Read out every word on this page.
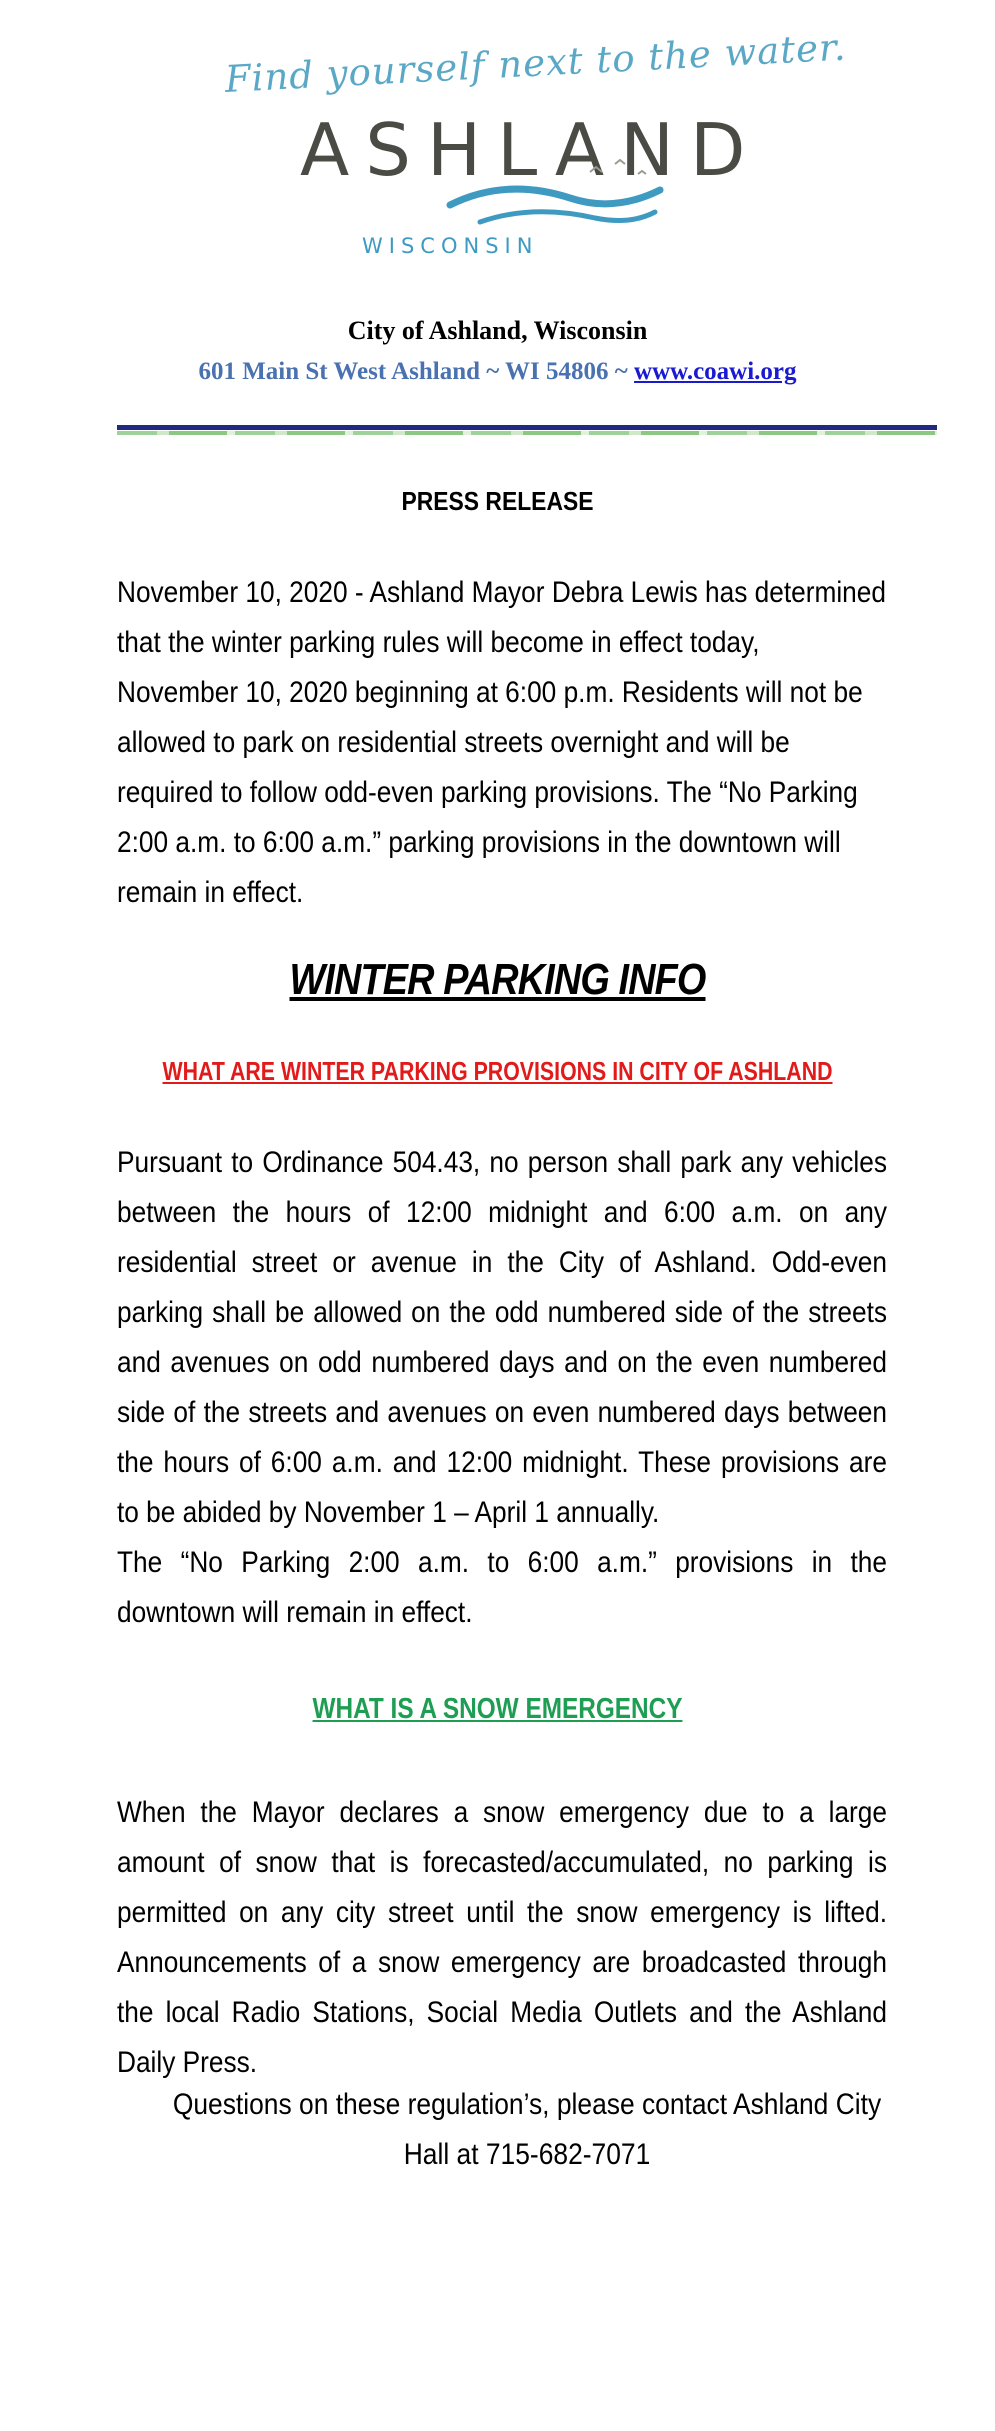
Find yourself next to the water.
ASHLAND
WISCONSIN
City of Ashland, Wisconsin
601 Main St West Ashland ~ WI 54806 ~ www.coawi.org
PRESS RELEASE
November 10, 2020 - Ashland Mayor Debra Lewis has determined that the winter parking rules will become in effect today, November 10, 2020 beginning at 6:00 p.m. Residents will not be allowed to park on residential streets overnight and will be required to follow odd-even parking provisions. The “No Parking 2:00 a.m. to 6:00 a.m.” parking provisions in the downtown will remain in effect.
WINTER PARKING INFO
WHAT ARE WINTER PARKING PROVISIONS IN CITY OF ASHLAND
Pursuant to Ordinance 504.43, no person shall park any vehicles between the hours of 12:00 midnight and 6:00 a.m. on any residential street or avenue in the City of Ashland. Odd-even parking shall be allowed on the odd numbered side of the streets and avenues on odd numbered days and on the even numbered side of the streets and avenues on even numbered days between the hours of 6:00 a.m. and 12:00 midnight. These provisions are to be abided by November 1 – April 1 annually.
The “No Parking 2:00 a.m. to 6:00 a.m.” provisions in the downtown will remain in effect.
WHAT IS A SNOW EMERGENCY
When the Mayor declares a snow emergency due to a large amount of snow that is forecasted/accumulated, no parking is permitted on any city street until the snow emergency is lifted. Announcements of a snow emergency are broadcasted through the local Radio Stations, Social Media Outlets and the Ashland Daily Press.
Questions on these regulation’s, please contact Ashland City Hall at 715-682-7071
